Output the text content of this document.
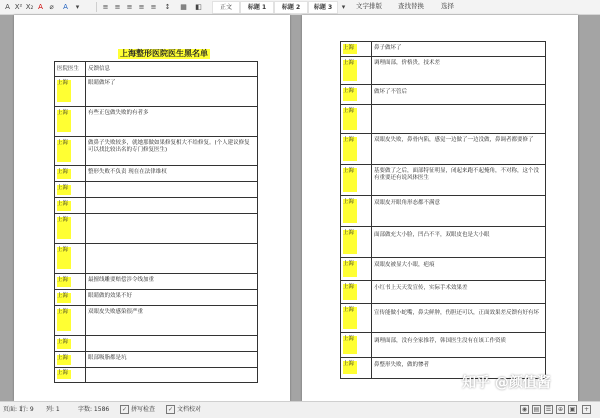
A X² X₂ A ⌀	A	▾	≡ ≡ ≡ ≡ ≡	↕	▦	◧	正文	标题 1	标题 2	标题 3	▾	文字排版 查找替换	选择
上海整形医院医生黑名单
医院医生 反馈信息
上海	眼睛做坏了
上海	有些正包做失败的有者多
上海	做鼻子失败较多，就她那做如果修复相大不给修复。(个人建议修复可以找比较出名的专门修复医生)
上海	整形失败不负责 现在在法律维权
上海
上海
上海
上海
上海	最擅线雕要赔偿涉令线加重
上海	眼睛做的效果不好
上海	双眼皮失败感染很严重
上海
上海	眼部吸脂都是坑
上海
上海	鼻子做坏了
上海	调理面部，价格贵，技术差
上海	做坏了不管后
上海
上海	双眼皮失败，鼻骨内陷，感觉一边做了一边没做，鼻调者都要修了
上海	基要做了之后，面部特征明显，闭起来跑不起掩角，不对称，这个没有重要还有说风体医生
上海	双眼皮开眼角形态都不满意
上海	面部做充大小脸，凹凸不平，双眼皮也是大小眼
上海	双眼皮被显大小眼，疤痕
上海	小红书上天天发宣传，实际手术效果差
上海	宣传能做小蛇嘴，鼻尖鲜肿，伤胆还可以，正面效果差反馈有好有坏
上海	调理面部，没有全家推荐，韩国医生没有在该工作资质
上海	鼻整形失败，做的惨者
知乎 @颜值酱
页面: 1
行: 9 列: 1	字数: 1586	✓ 拼写检查	✓ 文档校对	◉	▤ ☰	⊕	▣	+
